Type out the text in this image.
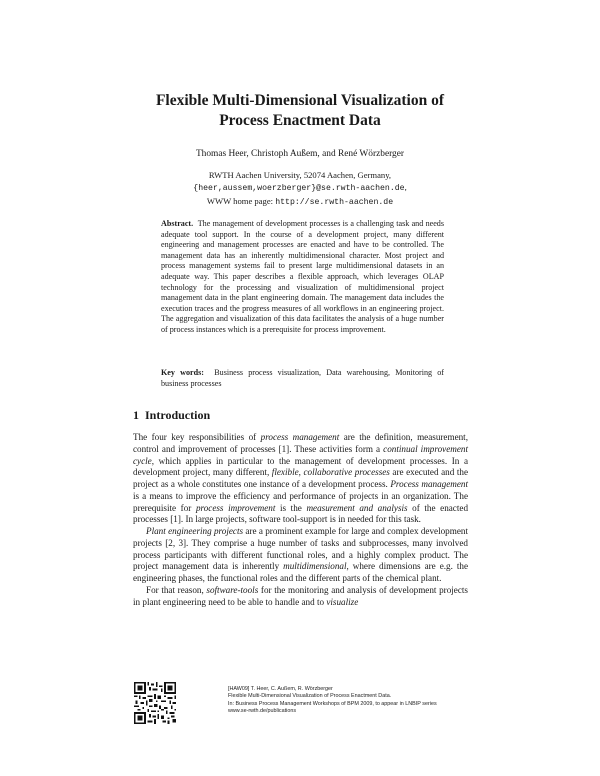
Flexible Multi-Dimensional Visualization of
Process Enactment Data
Thomas Heer, Christoph Außem, and René Wörzberger
RWTH Aachen University, 52074 Aachen, Germany,
{heer,aussem,woerzberger}@se.rwth-aachen.de,
WWW home page: http://se.rwth-aachen.de

Abstract. The management of development processes is a challenging task and needs adequate tool support. In the course of a development project, many different engineering and management processes are enacted and have to be controlled. The management data has an inherently multidimensional character. Most project and process management systems fail to present large multidimensional datasets in an adequate way. This paper describes a flexible approach, which leverages OLAP technology for the processing and visualization of multidimensional project management data in the plant engineering domain. The management data includes the execution traces and the progress measures of all workflows in an engineering project. The aggregation and visualization of this data facilitates the analysis of a huge number of process instances which is a prerequisite for process improvement.

Key words: Business process visualization, Data warehousing, Monitoring of business processes

1 Introduction

The four key responsibilities of process management are the definition, measurement, control and improvement of processes [1]. These activities form a continual improvement cycle, which applies in particular to the management of development processes. In a development project, many different, flexible, collaborative processes are executed and the project as a whole constitutes one instance of a development process. Process management is a means to improve the efficiency and performance of projects in an organization. The prerequisite for process improvement is the measurement and analysis of the enacted processes [1]. In large projects, software tool-support is in needed for this task.

Plant engineering projects are a prominent example for large and complex development projects [2, 3]. They comprise a huge number of tasks and subprocesses, many involved process participants with different functional roles, and a highly complex product. The project management data is inherently multidimensional, where dimensions are e.g. the engineering phases, the functional roles and the different parts of the chemical plant.

For that reason, software-tools for the monitoring and analysis of development projects in plant engineering need to be able to handle and to visualize

[HAW09] T. Heer, C. Außem, R. Wörzberger
Flexible Multi-Dimensional Visualization of Process Enactment Data.
In: Business Process Management Workshops of BPM 2009, to appear in LNBIP series
www.se-rwth.de/publications
